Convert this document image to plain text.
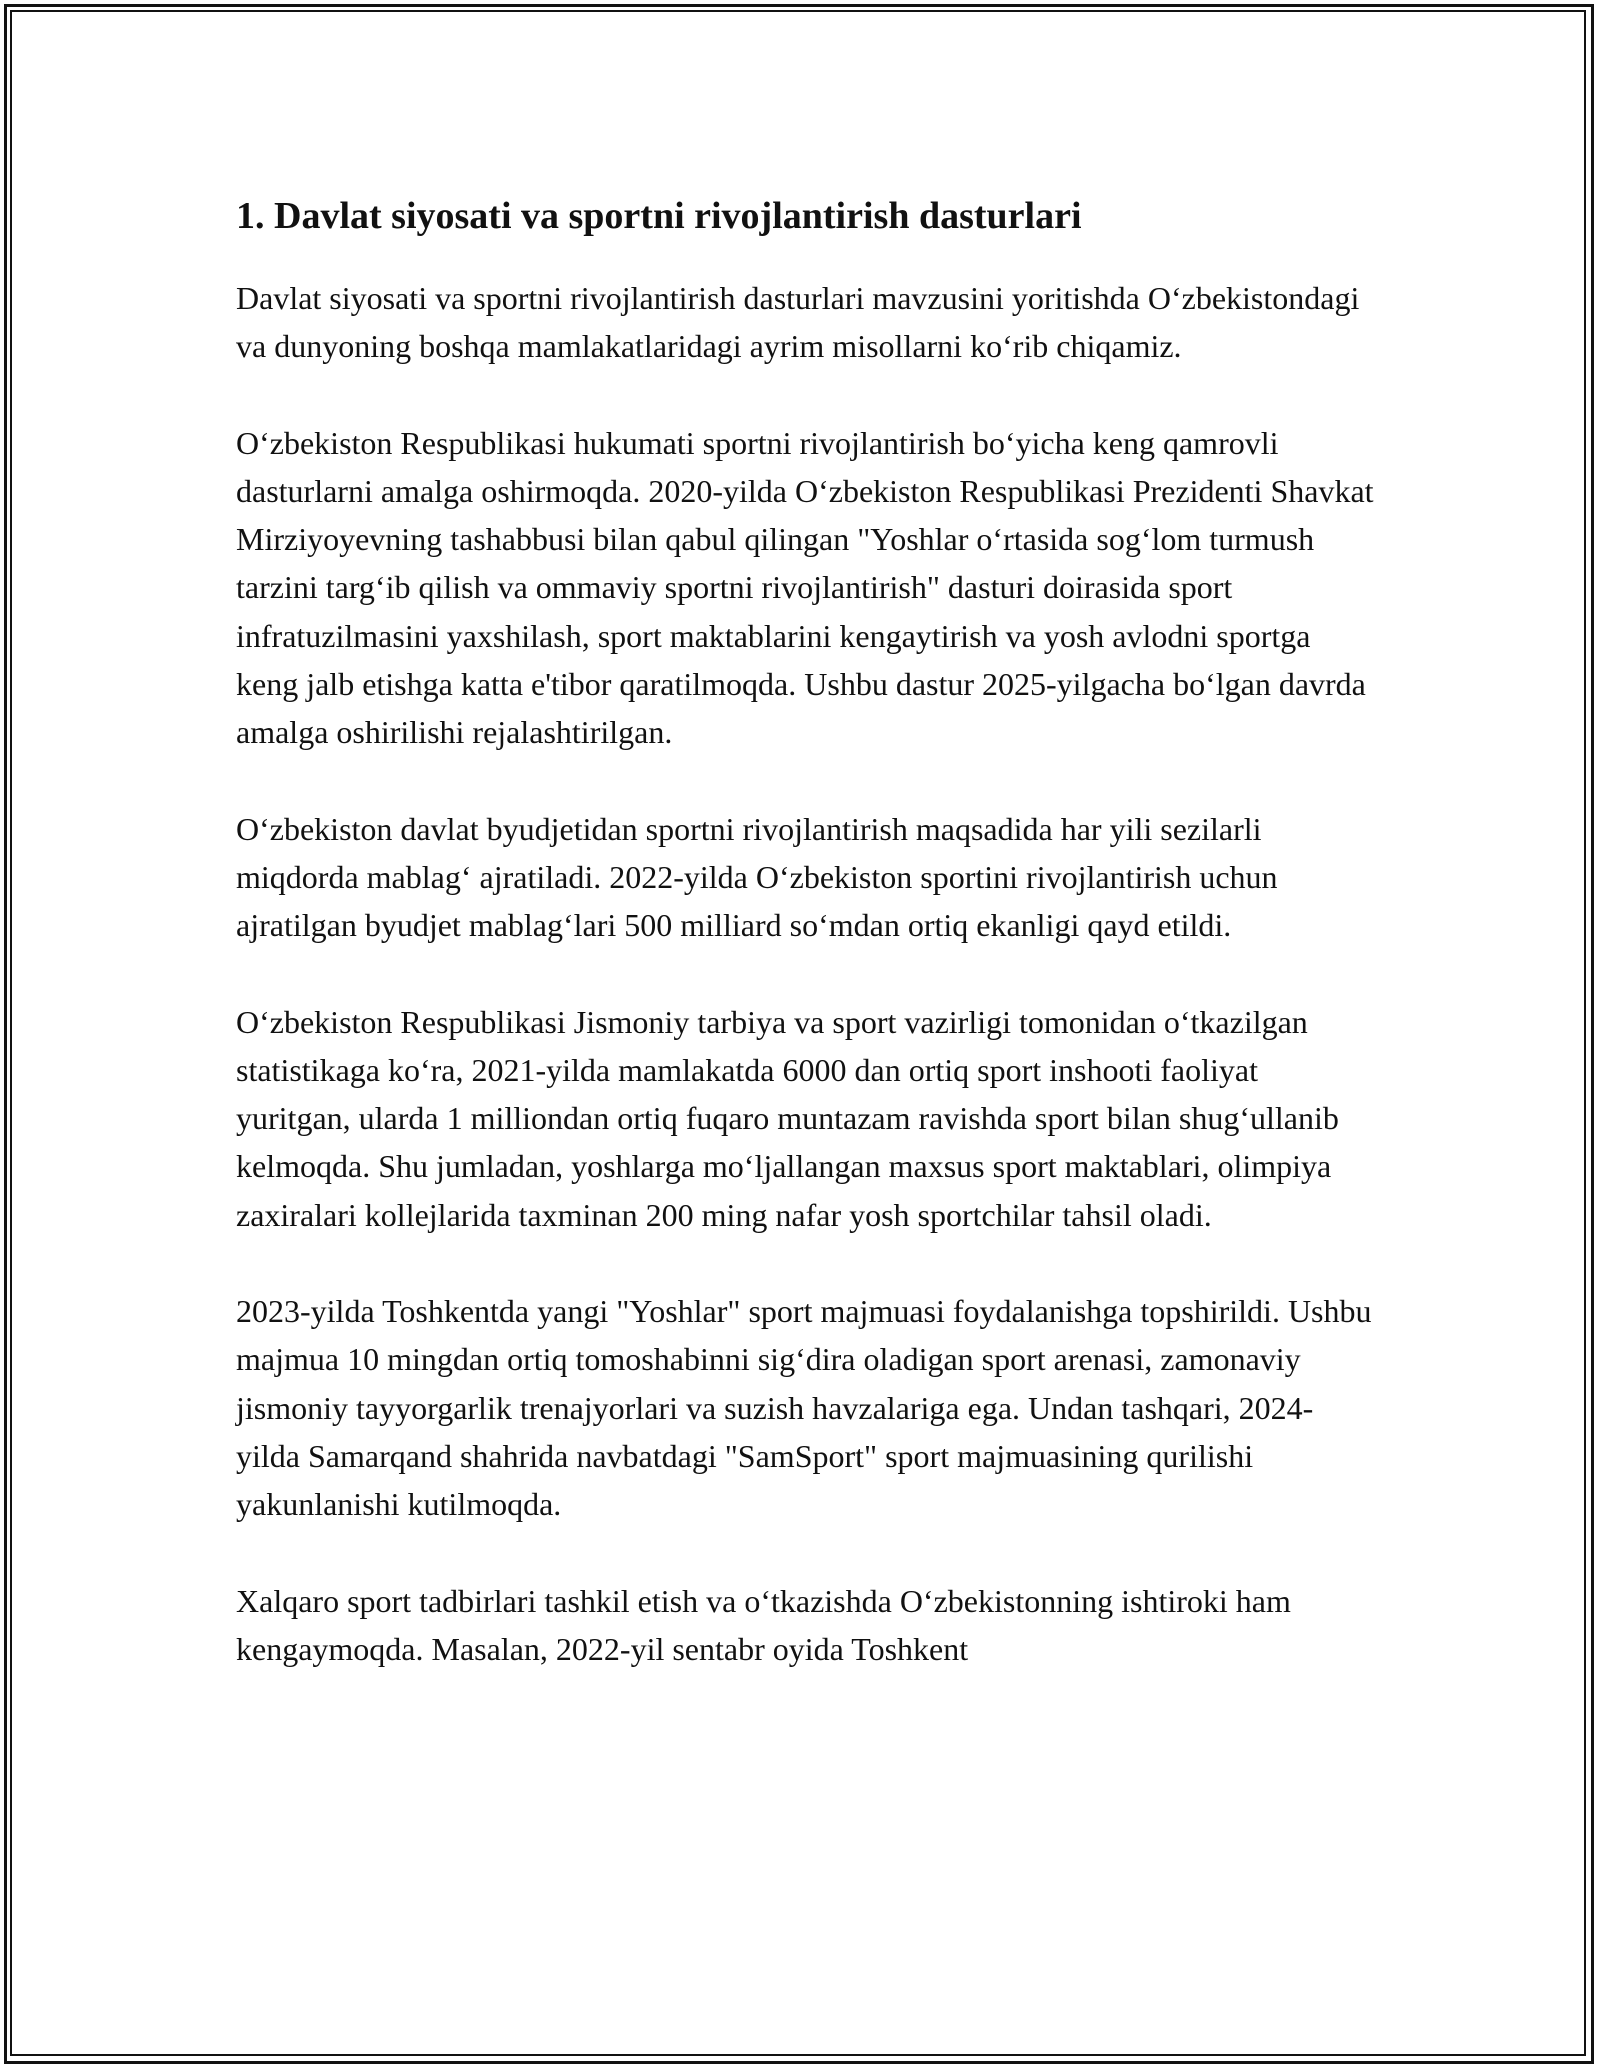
1. Davlat siyosati va sportni rivojlantirish dasturlari

Davlat siyosati va sportni rivojlantirish dasturlari mavzusini yoritishda O‘zbekistondagi va dunyoning boshqa mamlakatlaridagi ayrim misollarni ko‘rib chiqamiz.

O‘zbekiston Respublikasi hukumati sportni rivojlantirish bo‘yicha keng qamrovli dasturlarni amalga oshirmoqda. 2020-yilda O‘zbekiston Respublikasi Prezidenti Shavkat Mirziyoyevning tashabbusi bilan qabul qilingan "Yoshlar o‘rtasida sog‘lom turmush tarzini targ‘ib qilish va ommaviy sportni rivojlantirish" dasturi doirasida sport infratuzilmasini yaxshilash, sport maktablarini kengaytirish va yosh avlodni sportga keng jalb etishga katta e'tibor qaratilmoqda. Ushbu dastur 2025-yilgacha bo‘lgan davrda amalga oshirilishi rejalashtirilgan.

O‘zbekiston davlat byudjetidan sportni rivojlantirish maqsadida har yili sezilarli miqdorda mablag‘ ajratiladi. 2022-yilda O‘zbekiston sportini rivojlantirish uchun ajratilgan byudjet mablag‘lari 500 milliard so‘mdan ortiq ekanligi qayd etildi.

O‘zbekiston Respublikasi Jismoniy tarbiya va sport vazirligi tomonidan o‘tkazilgan statistikaga ko‘ra, 2021-yilda mamlakatda 6000 dan ortiq sport inshooti faoliyat yuritgan, ularda 1 milliondan ortiq fuqaro muntazam ravishda sport bilan shug‘ullanib kelmoqda. Shu jumladan, yoshlarga mo‘ljallangan maxsus sport maktablari, olimpiya zaxiralari kollejlarida taxminan 200 ming nafar yosh sportchilar tahsil oladi.

2023-yilda Toshkentda yangi "Yoshlar" sport majmuasi foydalanishga topshirildi. Ushbu majmua 10 mingdan ortiq tomoshabinni sig‘dira oladigan sport arenasi, zamonaviy jismoniy tayyorgarlik trenajyorlari va suzish havzalariga ega. Undan tashqari, 2024-yilda Samarqand shahrida navbatdagi "SamSport" sport majmuasining qurilishi yakunlanishi kutilmoqda.

Xalqaro sport tadbirlari tashkil etish va o‘tkazishda O‘zbekistonning ishtiroki ham kengaymoqda. Masalan, 2022-yil sentabr oyida Toshkent
